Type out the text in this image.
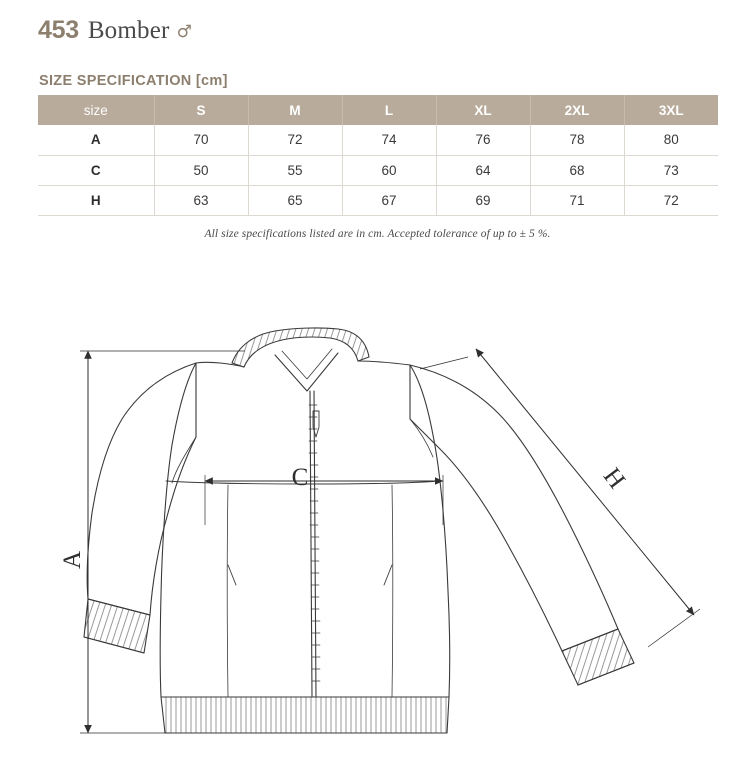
453 Bomber ♂
SIZE SPECIFICATION [cm]
size	S	M	L	XL	2XL	3XL
A	70	72	74	76	78	80
C	50	55	60	64	68	73
H	63	65	67	69	71	72
All size specifications listed are in cm. Accepted tolerance of up to ± 5 %.
A
C	H
